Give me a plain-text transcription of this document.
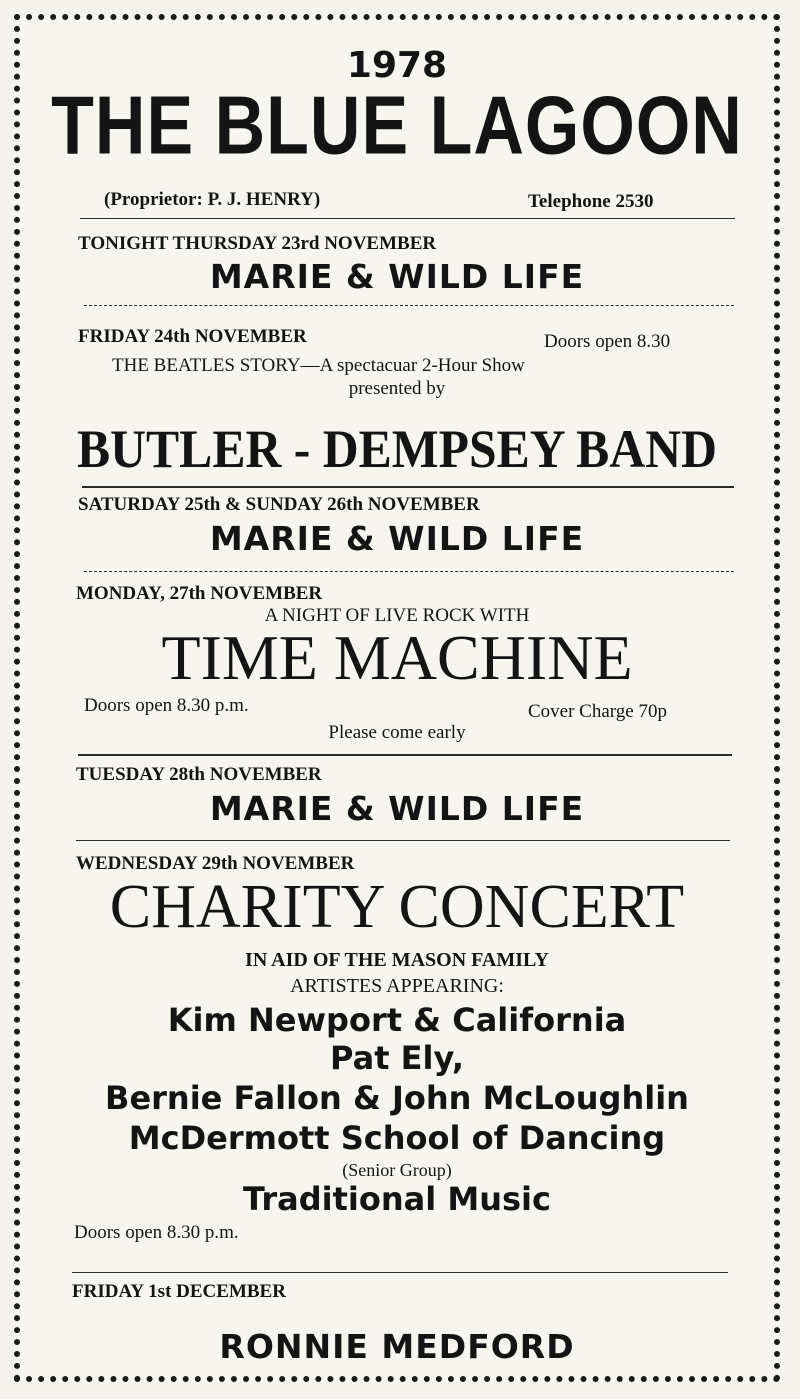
1978

THE BLUE LAGOON

(Proprietor: P. J. HENRY)	Telephone 2530

TONIGHT THURSDAY 23rd NOVEMBER

MARIE & WILD LIFE

FRIDAY 24th NOVEMBER	Doors open 8.30

THE BEATLES STORY—A spectacuar 2-Hour Show

presented by

BUTLER - DEMPSEY BAND

SATURDAY 25th & SUNDAY 26th NOVEMBER

MARIE & WILD LIFE

MONDAY, 27th NOVEMBER

A NIGHT OF LIVE ROCK WITH

TIME MACHINE

Doors open 8.30 p.m.	Cover Charge 70p

Please come early

TUESDAY 28th NOVEMBER

MARIE & WILD LIFE

WEDNESDAY 29th NOVEMBER

CHARITY CONCERT

IN AID OF THE MASON FAMILY

ARTISTES APPEARING:

Kim Newport & California

Pat Ely,

Bernie Fallon & John McLoughlin

McDermott School of Dancing

(Senior Group)

Traditional Music

Doors open 8.30 p.m.

FRIDAY 1st DECEMBER

RONNIE MEDFORD
